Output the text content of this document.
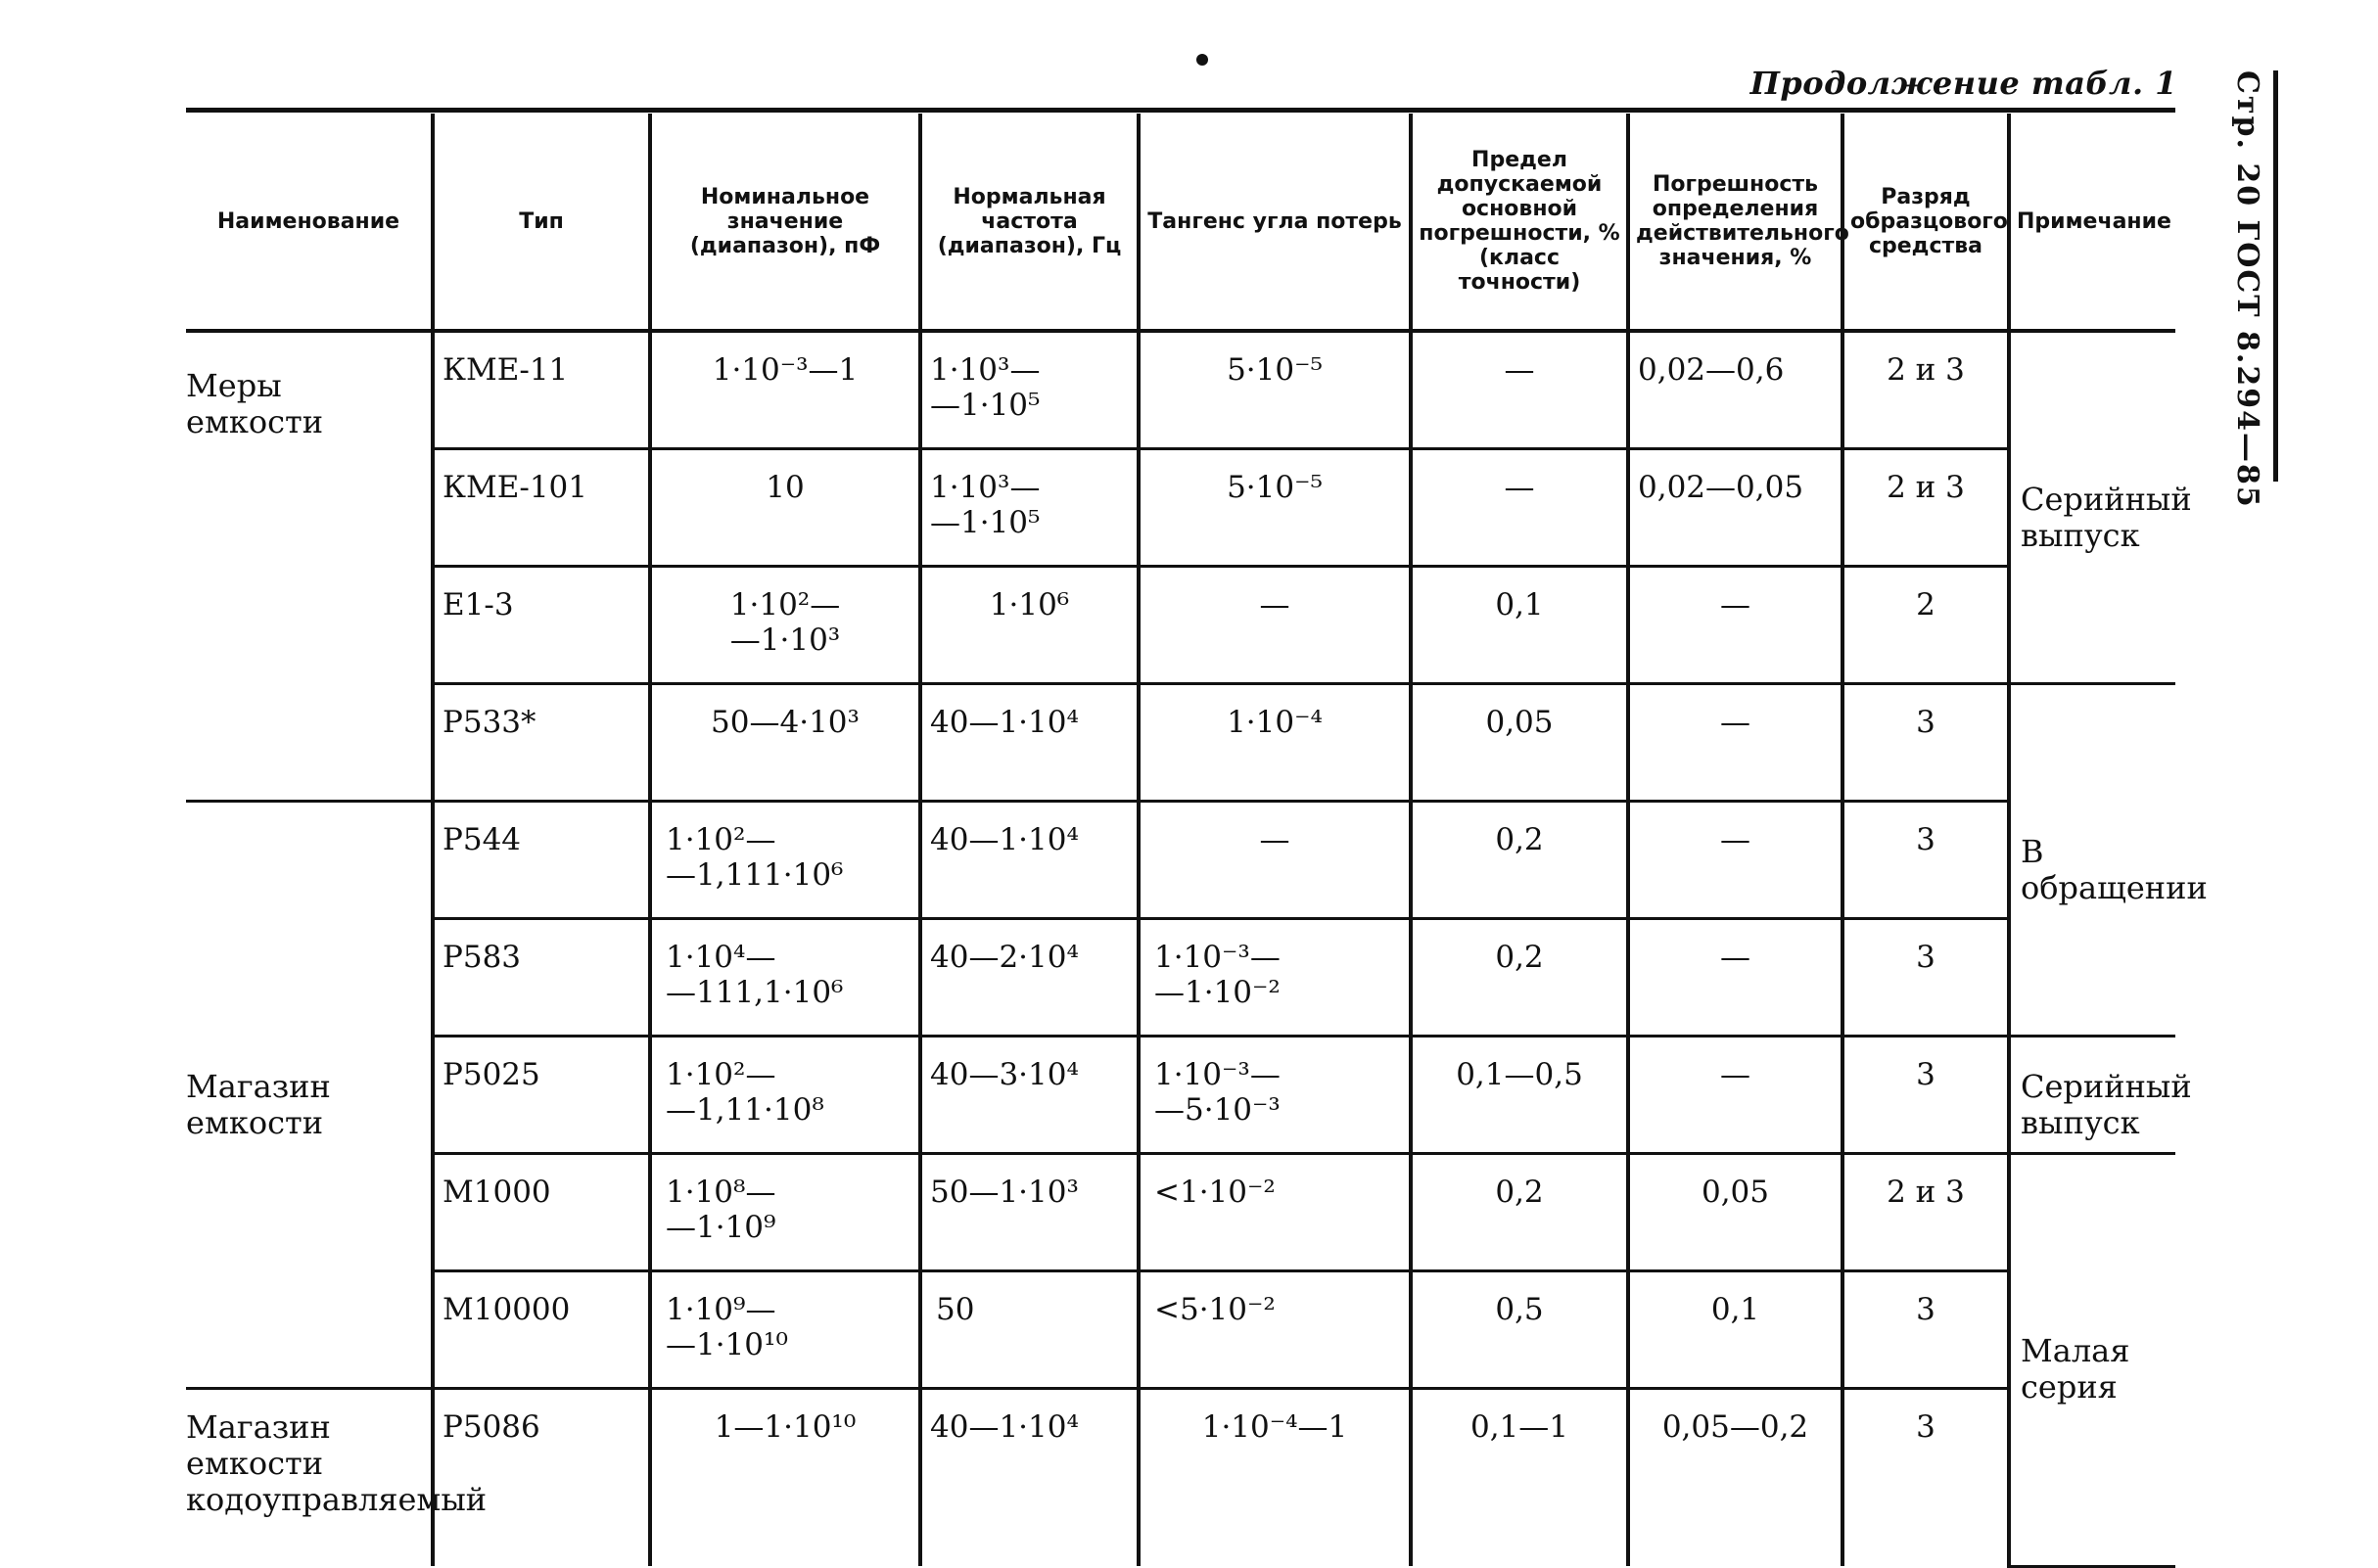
Продолжение табл. 1 Стр. 20 ГОСТ 8.294—85
Наименование	Тип	Номинальное значение (диапазон), пФ	Нормальная частота (диапазон), Гц	Тангенс угла потерь	Предел допускаемой основной погрешности, % (класс точности)	Погрешность определения действительного значения, %	Разряд образцового средства	Примечание
Меры емкости	КМЕ-11	1·10⁻³—1	1·10³—
—1·10⁵	5·10⁻⁵	—	0,02—0,6	2 и 3	Серийный выпуск
	КМЕ-101	10	1·10³—
—1·10⁵	5·10⁻⁵	—	0,02—0,05	2 и 3	
	Е1-3	1·10²—
—1·10³	1·10⁶	—	0,1	—	2	
	Р533*	50—4·10³	40—1·10⁴	1·10⁻⁴	0,05	—	3	В обращении
Магазин емкости	Р544	1·10²—
—1,111·10⁶	40—1·10⁴	—	0,2	—	3	
	Р583	1·10⁴—
—111,1·10⁶	40—2·10⁴	1·10⁻³—
—1·10⁻²	0,2	—	3	
	Р5025	1·10²—
—1,11·10⁸	40—3·10⁴	1·10⁻³—
—5·10⁻³	0,1—0,5	—	3	Серийный выпуск
	М1000	1·10⁸—
—1·10⁹	50—1·10³	<1·10⁻²	0,2	0,05	2 и 3	Малая серия
	М10000	1·10⁹—
—1·10¹⁰	50	<5·10⁻²	0,5	0,1	3	
Магазин емкости кодоуправляемый	Р5086	1—1·10¹⁰	40—1·10⁴	1·10⁻⁴—1	0,1—1	0,05—0,2	3	
